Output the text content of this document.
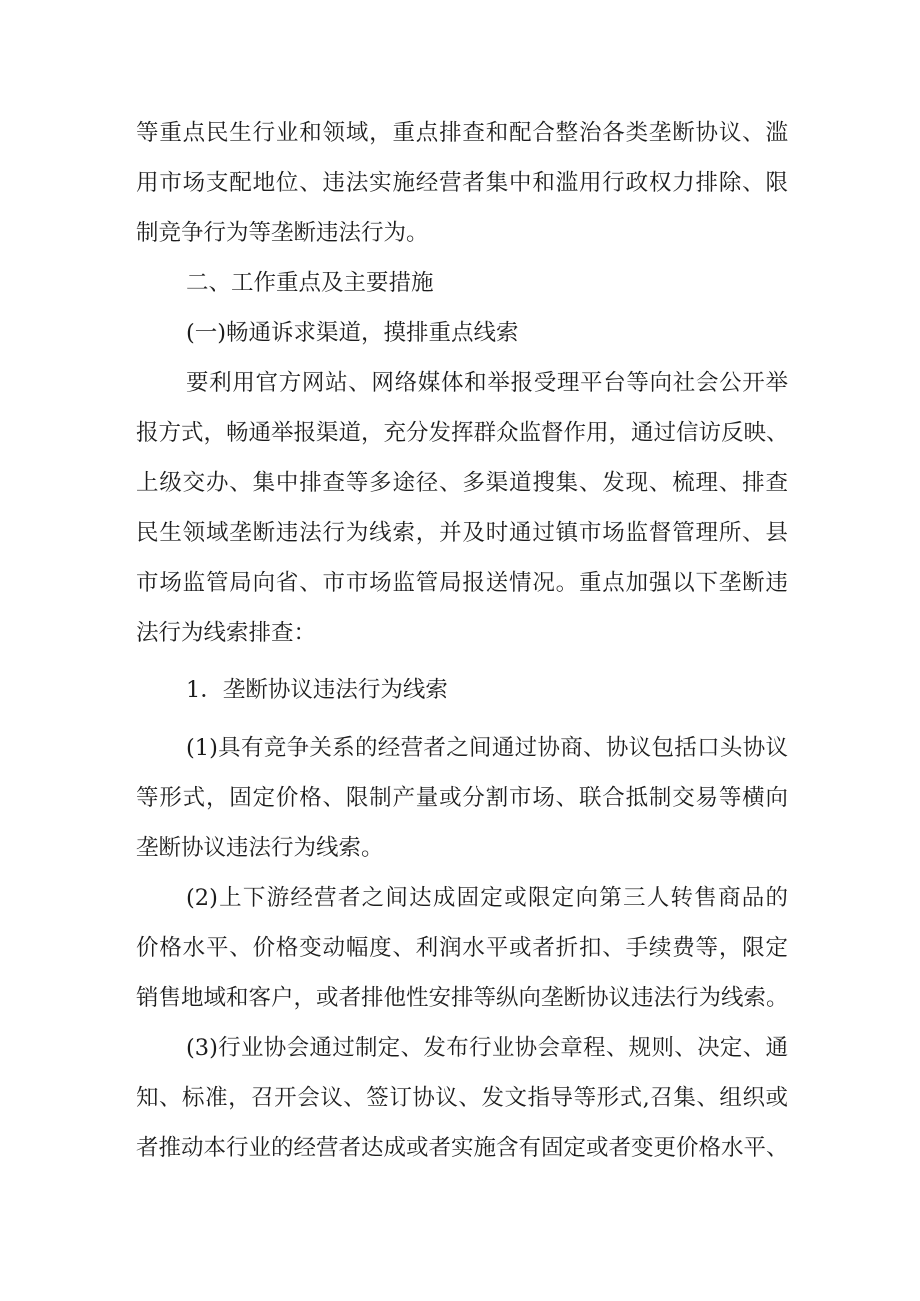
等重点民生行业和领域，重点排查和配合整治各类垄断协议、滥
用市场支配地位、违法实施经营者集中和滥用行政权力排除、限
制竞争行为等垄断违法行为。
二、工作重点及主要措施
(一)畅通诉求渠道，摸排重点线索
要利用官方网站、网络媒体和举报受理平台等向社会公开举
报方式，畅通举报渠道，充分发挥群众监督作用，通过信访反映、
上级交办、集中排查等多途径、多渠道搜集、发现、梳理、排查
民生领域垄断违法行为线索，并及时通过镇市场监督管理所、县
市场监管局向省、市市场监管局报送情况。重点加强以下垄断违
法行为线索排查：
1．垄断协议违法行为线索
(1)具有竞争关系的经营者之间通过协商、协议包括口头协议
等形式，固定价格、限制产量或分割市场、联合抵制交易等横向
垄断协议违法行为线索。
(2)上下游经营者之间达成固定或限定向第三人转售商品的
价格水平、价格变动幅度、利润水平或者折扣、手续费等，限定
销售地域和客户，或者排他性安排等纵向垄断协议违法行为线索。
(3)行业协会通过制定、发布行业协会章程、规则、决定、通
知、标准，召开会议、签订协议、发文指导等形式,召集、组织或
者推动本行业的经营者达成或者实施含有固定或者变更价格水平、
